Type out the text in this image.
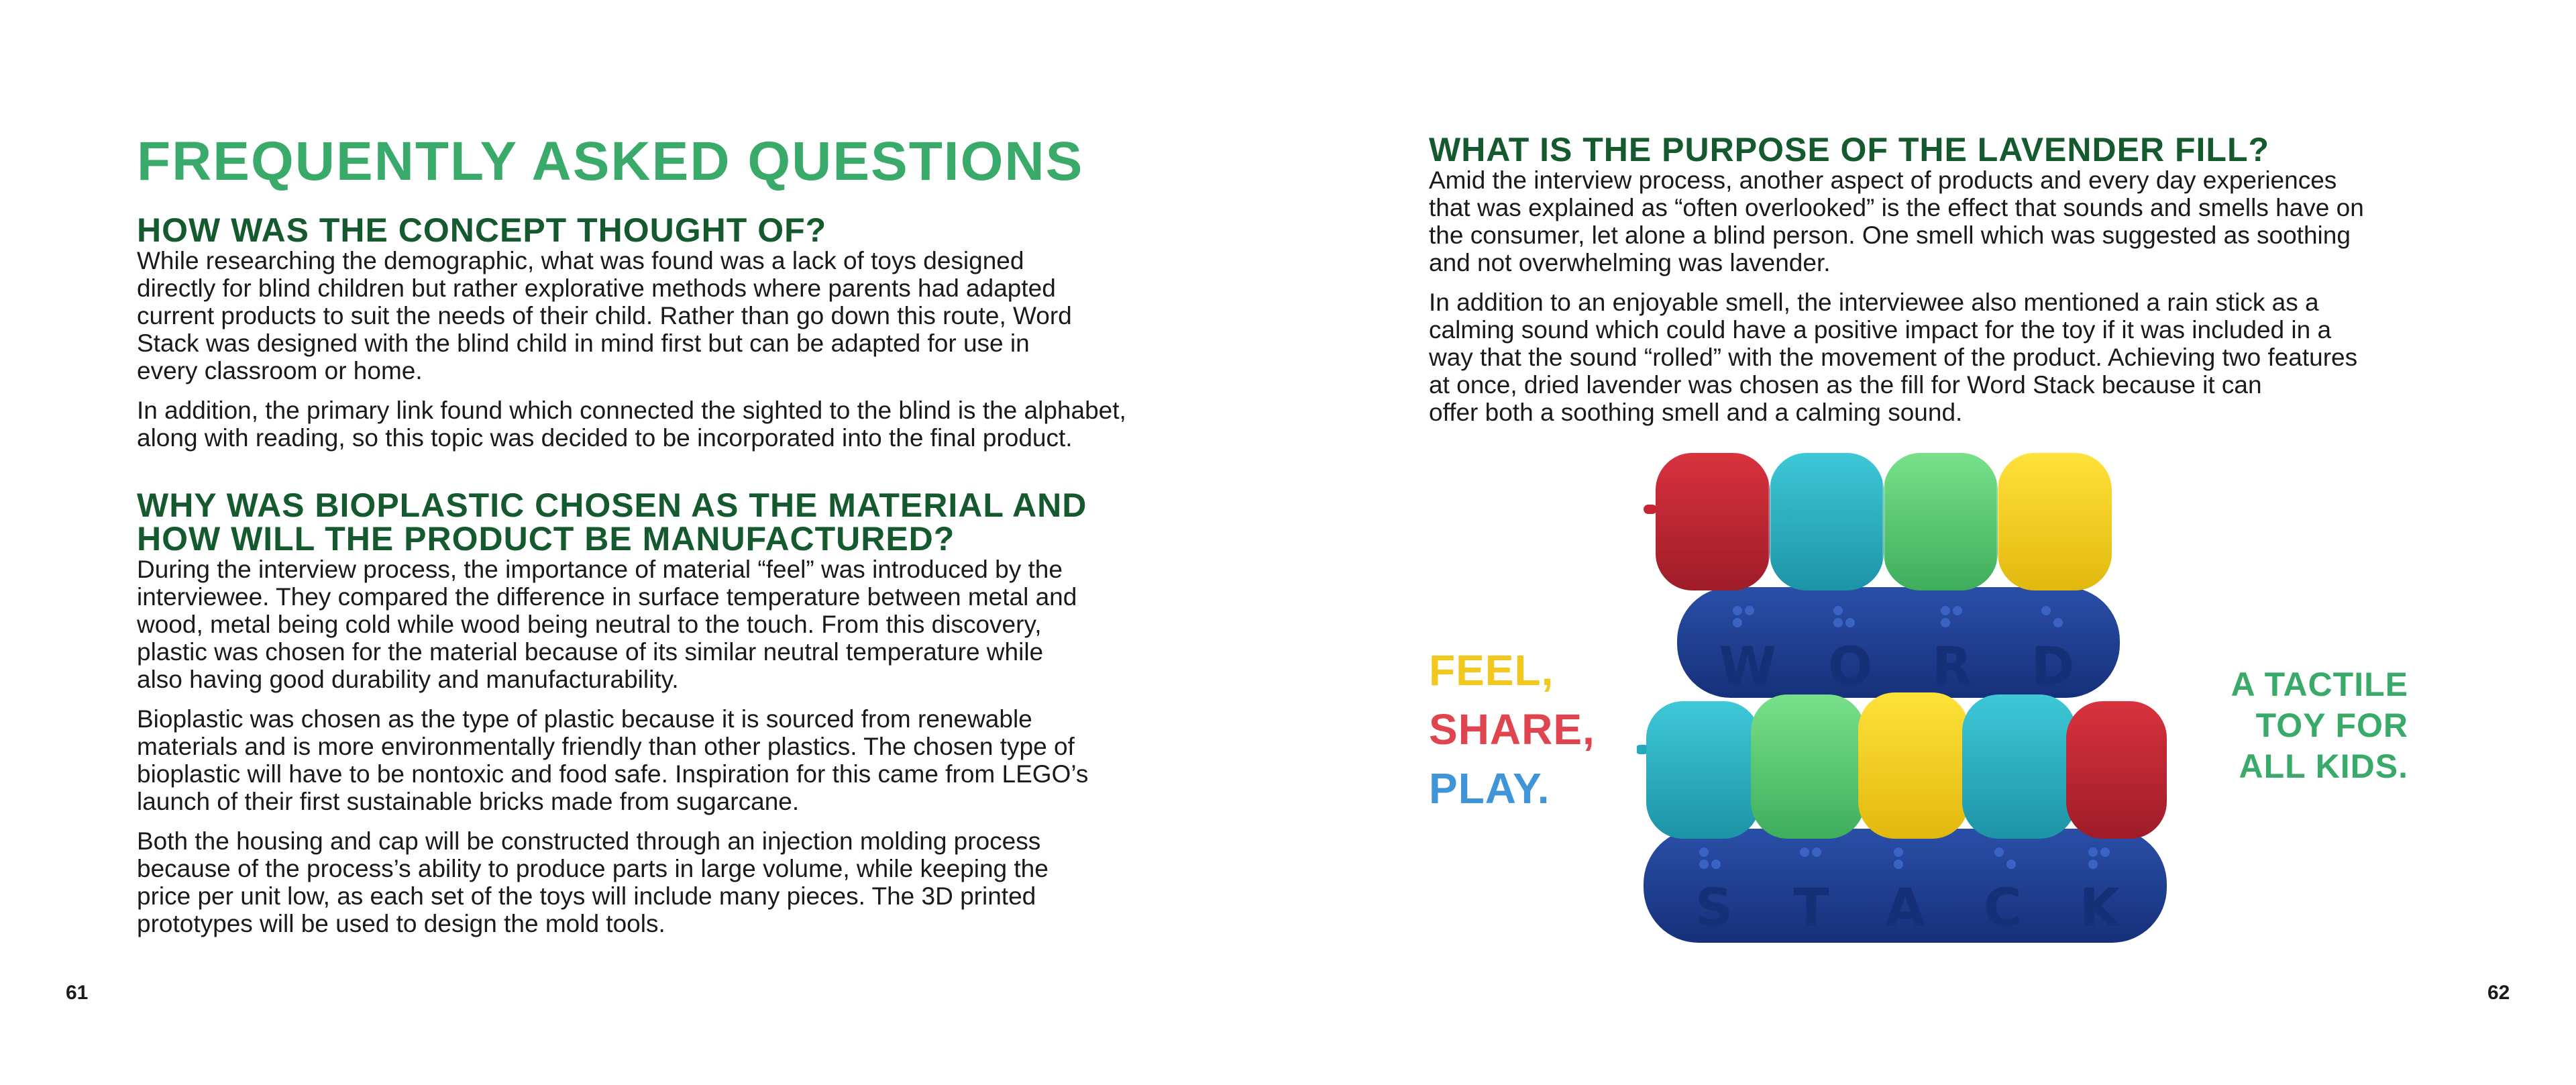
FREQUENTLY ASKED QUESTIONS
HOW WAS THE CONCEPT THOUGHT OF?

While researching the demographic, what was found was a lack of toys designed
directly for blind children but rather explorative methods where parents had adapted
current products to suit the needs of their child. Rather than go down this route, Word
Stack was designed with the blind child in mind first but can be adapted for use in
every classroom or home.

In addition, the primary link found which connected the sighted to the blind is the alphabet,
along with reading, so this topic was decided to be incorporated into the final product.

WHY WAS BIOPLASTIC CHOSEN AS THE MATERIAL AND
HOW WILL THE PRODUCT BE MANUFACTURED?

During the interview process, the importance of material “feel” was introduced by the
interviewee. They compared the difference in surface temperature between metal and
wood, metal being cold while wood being neutral to the touch. From this discovery,
plastic was chosen for the material because of its similar neutral temperature while
also having good durability and manufacturability.

Bioplastic was chosen as the type of plastic because it is sourced from renewable
materials and is more environmentally friendly than other plastics. The chosen type of
bioplastic will have to be nontoxic and food safe. Inspiration for this came from LEGO’s
launch of their first sustainable bricks made from sugarcane.

Both the housing and cap will be constructed through an injection molding process
because of the process’s ability to produce parts in large volume, while keeping the
price per unit low, as each set of the toys will include many pieces. The 3D printed
prototypes will be used to design the mold tools.

61
WHAT IS THE PURPOSE OF THE LAVENDER FILL?

Amid the interview process, another aspect of products and every day experiences
that was explained as “often overlooked” is the effect that sounds and smells have on
the consumer, let alone a blind person. One smell which was suggested as soothing
and not overwhelming was lavender.

In addition to an enjoyable smell, the interviewee also mentioned a rain stick as a
calming sound which could have a positive impact for the toy if it was included in a
way that the sound “rolled” with the movement of the product. Achieving two features
at once, dried lavender was chosen as the fill for Word Stack because it can
offer both a soothing smell and a calming sound.

FEEL,
SHARE,
PLAY.
A TACTILE
TOY FOR
ALL KIDS.
W O R D
S T A C K
62
